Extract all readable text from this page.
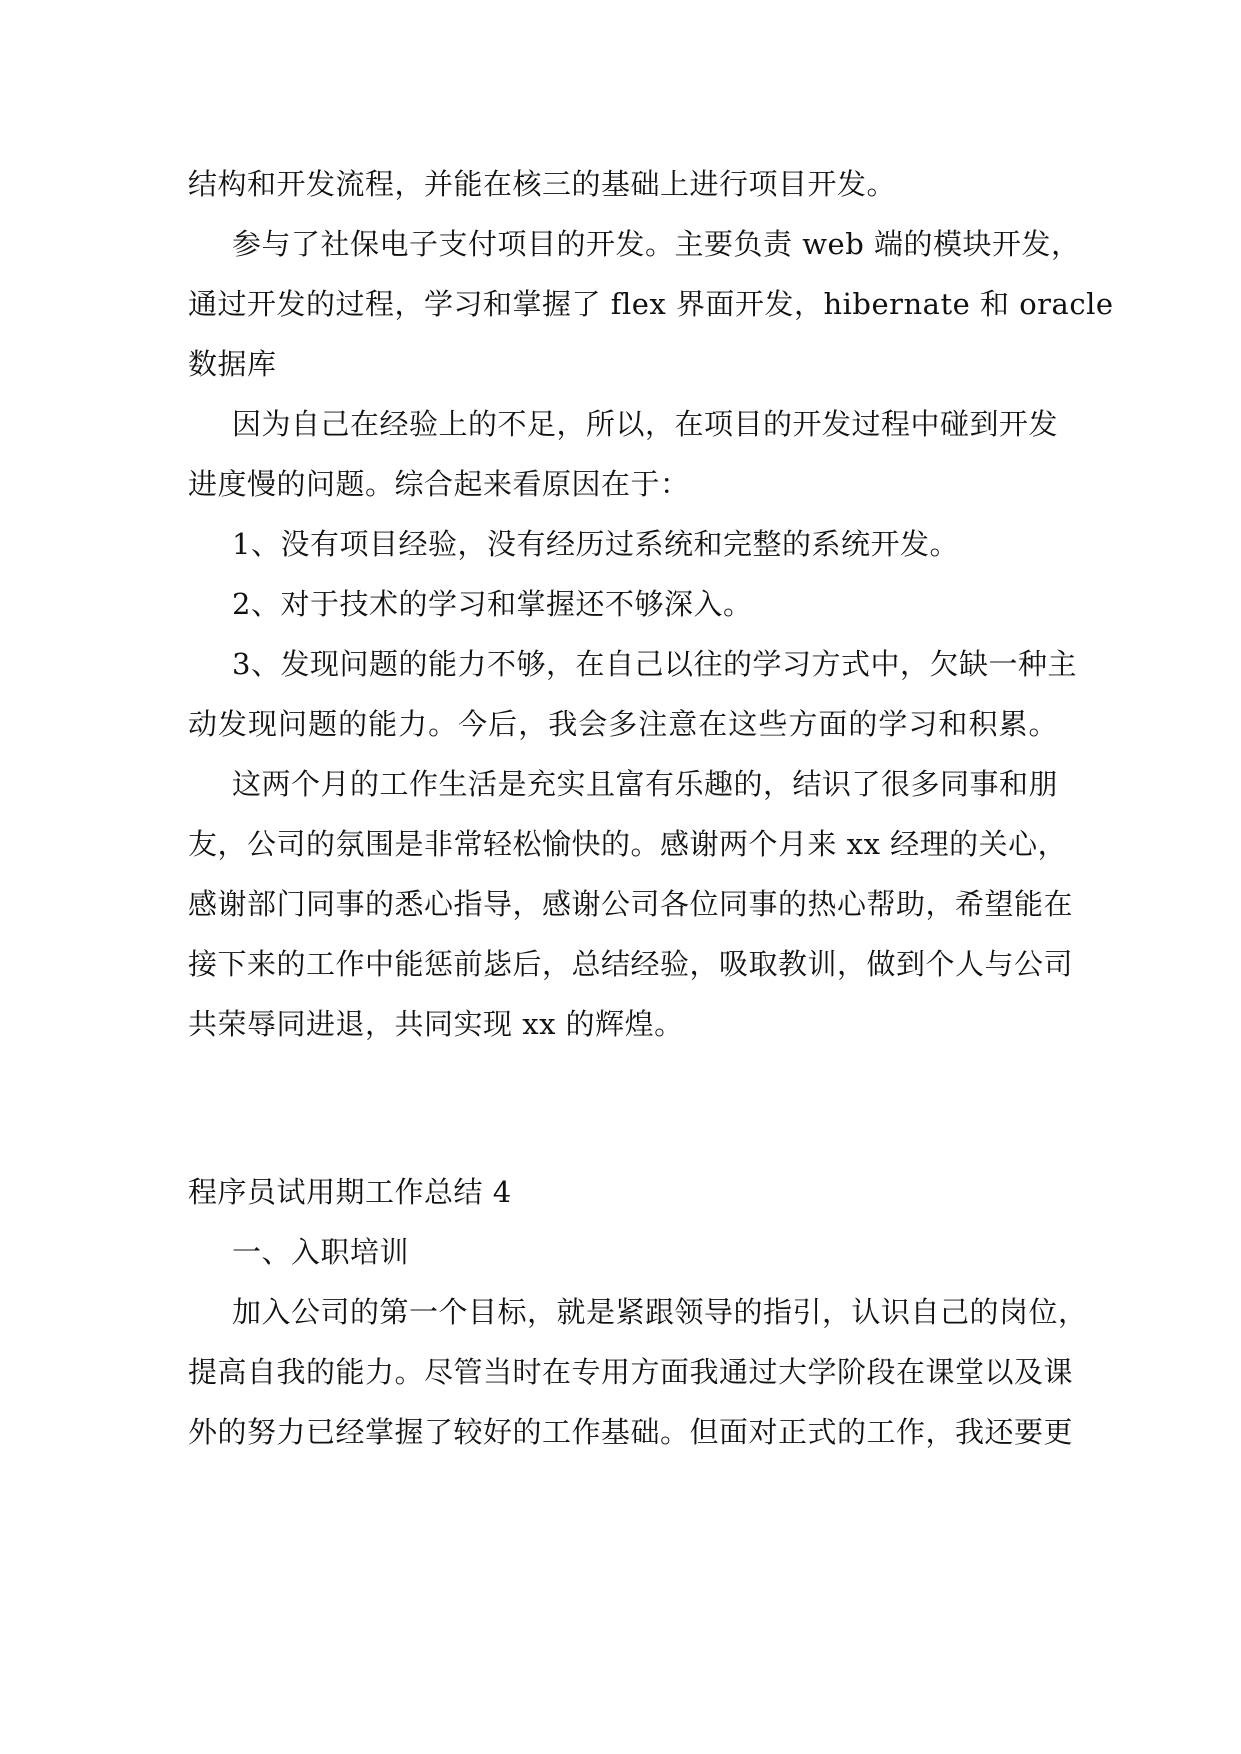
结构和开发流程，并能在核三的基础上进行项目开发。
参与了社保电子支付项目的开发。主要负责 web 端的模块开发，
通过开发的过程，学习和掌握了 flex 界面开发，hibernate 和 oracle
数据库
因为自己在经验上的不足，所以，在项目的开发过程中碰到开发
进度慢的问题。综合起来看原因在于：
1、没有项目经验，没有经历过系统和完整的系统开发。
2、对于技术的学习和掌握还不够深入。
3、发现问题的能力不够，在自己以往的学习方式中，欠缺一种主
动发现问题的能力。今后，我会多注意在这些方面的学习和积累。
这两个月的工作生活是充实且富有乐趣的，结识了很多同事和朋
友，公司的氛围是非常轻松愉快的。感谢两个月来 xx 经理的关心，
感谢部门同事的悉心指导，感谢公司各位同事的热心帮助，希望能在
接下来的工作中能惩前毖后，总结经验，吸取教训，做到个人与公司
共荣辱同进退，共同实现 xx 的辉煌。
程序员试用期工作总结 4
一、入职培训
加入公司的第一个目标，就是紧跟领导的指引，认识自己的岗位，
提高自我的能力。尽管当时在专用方面我通过大学阶段在课堂以及课
外的努力已经掌握了较好的工作基础。但面对正式的工作，我还要更
